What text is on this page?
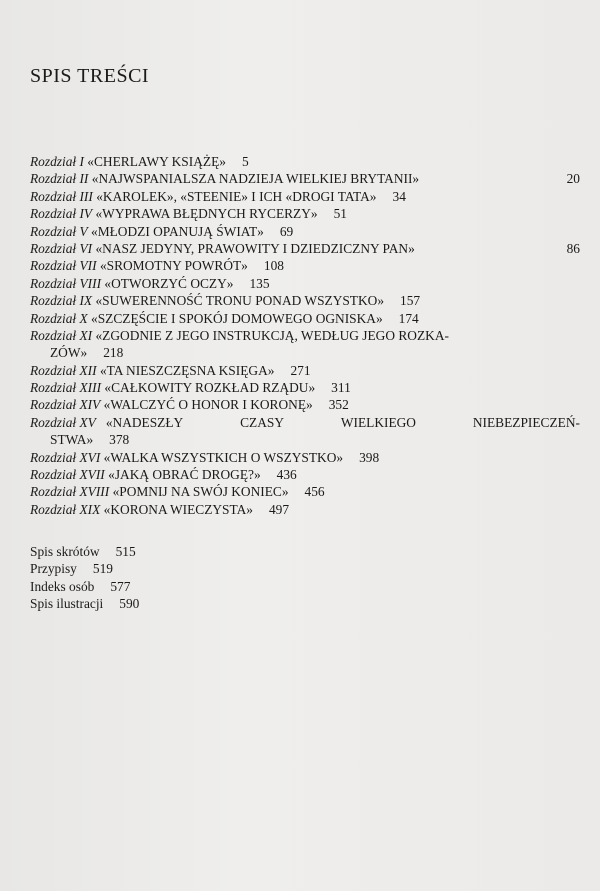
SPIS TREŚCI
Rozdział I «CHERLAWY KSIĄŻĘ» 5
Rozdział II «NAJWSPANIALSZA NADZIEJA WIELKIEJ BRYTANII»	20
Rozdział III «KAROLEK», «STEENIE» I ICH «DROGI TATA» 34
Rozdział IV «WYPRAWA BŁĘDNYCH RYCERZY» 51
Rozdział V «MŁODZI OPANUJĄ ŚWIAT» 69
Rozdział VI «NASZ JEDYNY, PRAWOWITY I DZIEDZICZNY PAN»	86
Rozdział VII «SROMOTNY POWRÓT» 108
Rozdział VIII «OTWORZYĆ OCZY» 135
Rozdział IX «SUWERENNOŚĆ TRONU PONAD WSZYSTKO» 157
Rozdział X «SZCZĘŚCIE I SPOKÓJ DOMOWEGO OGNISKA» 174
Rozdział XI «ZGODNIE Z JEGO INSTRUKCJĄ, WEDŁUG JEGO ROZKA-
ZÓW» 218
Rozdział XII «TA NIESZCZĘSNA KSIĘGA» 271
Rozdział XIII «CAŁKOWITY ROZKŁAD RZĄDU» 311
Rozdział XIV «WALCZYĆ O HONOR I KORONĘ» 352
Rozdział XV «NADESZŁY	CZASY	WIELKIEGO	NIEBEZPIECZEŃ-
STWA» 378
Rozdział XVI «WALKA WSZYSTKICH O WSZYSTKO» 398
Rozdział XVII «JAKĄ OBRAĆ DROGĘ?» 436
Rozdział XVIII «POMNIJ NA SWÓJ KONIEC» 456
Rozdział XIX «KORONA WIECZYSTA» 497
Spis skrótów 515
Przypisy 519
Indeks osób 577
Spis ilustracji 590
